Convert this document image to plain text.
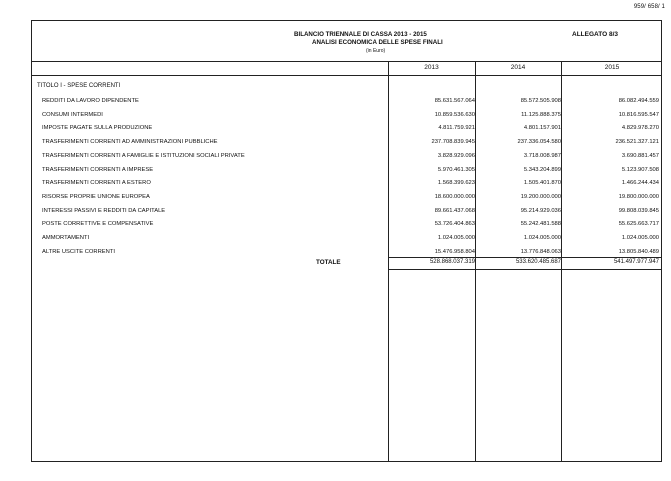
959/ 658/ 1
BILANCIO TRIENNALE DI CASSA 2013 - 2015
ANALISI ECONOMICA DELLE SPESE FINALI
(in Euro)
ALLEGATO 8/3
2013	2014	2015
TITOLO I - SPESE CORRENTI
REDDITI DA LAVORO DIPENDENTE	85.631.567.064	85.572.505.908	86.082.494.559
CONSUMI INTERMEDI	10.859.536.630	11.125.888.375	10.816.595.547
IMPOSTE PAGATE SULLA PRODUZIONE	4.811.759.921	4.801.157.901	4.829.978.270
TRASFERIMENTI CORRENTI AD AMMINISTRAZIONI PUBBLICHE	237.708.839.945	237.336.054.580	236.521.327.121
TRASFERIMENTI CORRENTI A FAMIGLIE E ISTITUZIONI SOCIALI PRIVATE	3.828.929.096	3.718.008.987	3.690.881.457
TRASFERIMENTI CORRENTI A IMPRESE	5.970.461.305	5.343.204.899	5.123.907.508
TRASFERIMENTI CORRENTI A ESTERO	1.568.399.623	1.505.401.870	1.466.244.434
RISORSE PROPRIE UNIONE EUROPEA	18.600.000.000	19.200.000.000	19.800.000.000
INTERESSI PASSIVI E REDDITI DA CAPITALE	89.661.437.068	95.214.929.036	99.808.039.845
POSTE CORRETTIVE E COMPENSATIVE	53.726.404.863	55.242.481.588	55.625.663.717
AMMORTAMENTI	1.024.005.000	1.024.005.000	1.024.005.000
ALTRE USCITE CORRENTI	15.476.958.804	13.776.848.063	13.805.840.489
TOTALE	528.868.037.319	533.620.485.687	541.497.977.947
